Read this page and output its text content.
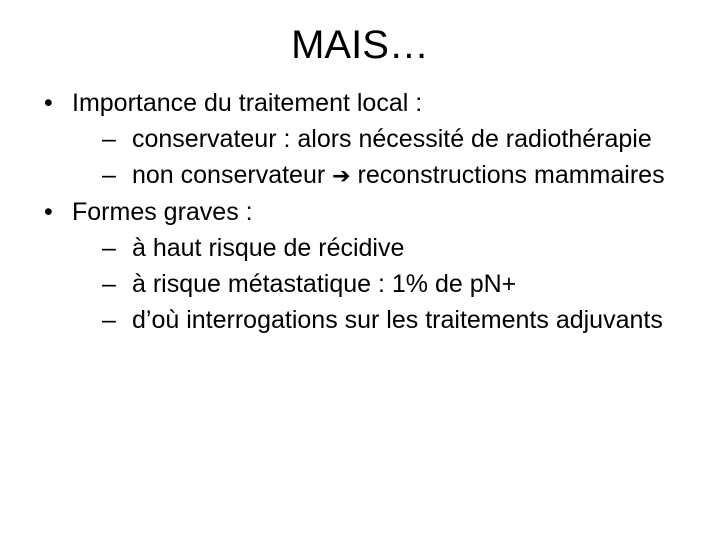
MAIS…
• Importance du traitement local :
– conservateur : alors nécessité de radiothérapie
– non conservateur ➔ reconstructions mammaires
• Formes graves :
– à haut risque de récidive
– à risque métastatique : 1% de pN+
– d’où interrogations sur les traitements adjuvants
